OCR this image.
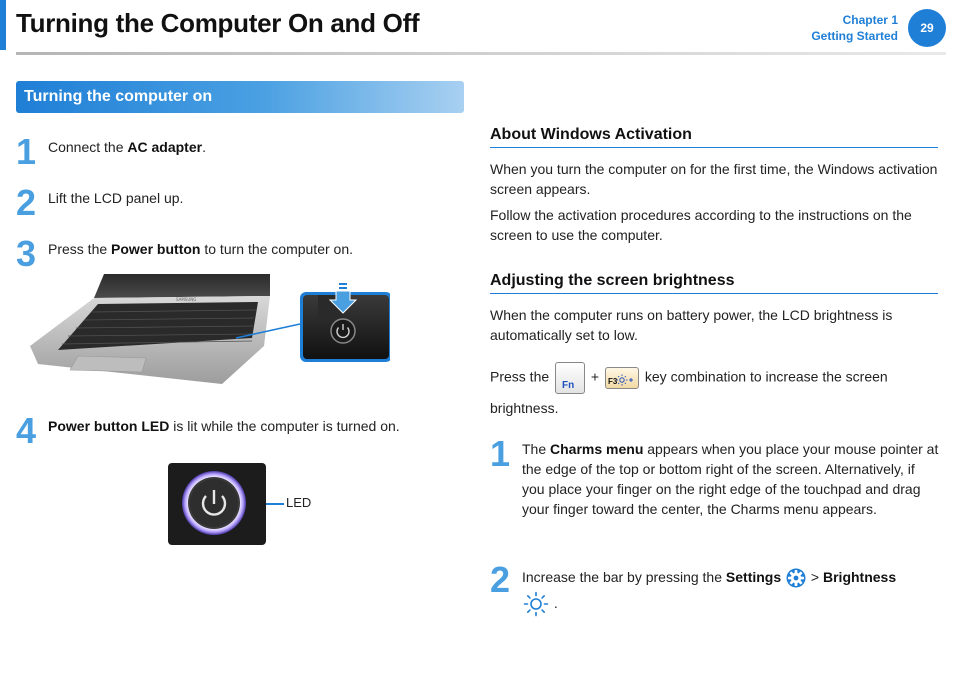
Turning the Computer On and Off	Chapter 1
Getting Started
29
Turning the computer on
1 Connect the AC adapter.
2 Lift the LCD panel up.
3 Press the Power button to turn the computer on.
SAMSUNG
4 Power button LED is lit while the computer is turned on.
LED
About Windows Activation
When you turn the computer on for the first time, the Windows activation screen appears.
Follow the activation procedures according to the instructions on the screen to use the computer.
Adjusting the screen brightness
When the computer runs on battery power, the LCD brightness is automatically set to low.
Press the
Fn
+ F3 key combination to increase the screen brightness.
1 The Charms menu appears when you place your mouse pointer at the edge of the top or bottom right of the screen. Alternatively, if you place your finger on the right edge of the touchpad and drag your finger toward the center, the Charms menu appears.
2 Increase the bar by pressing the Settings  > Brightness
.
